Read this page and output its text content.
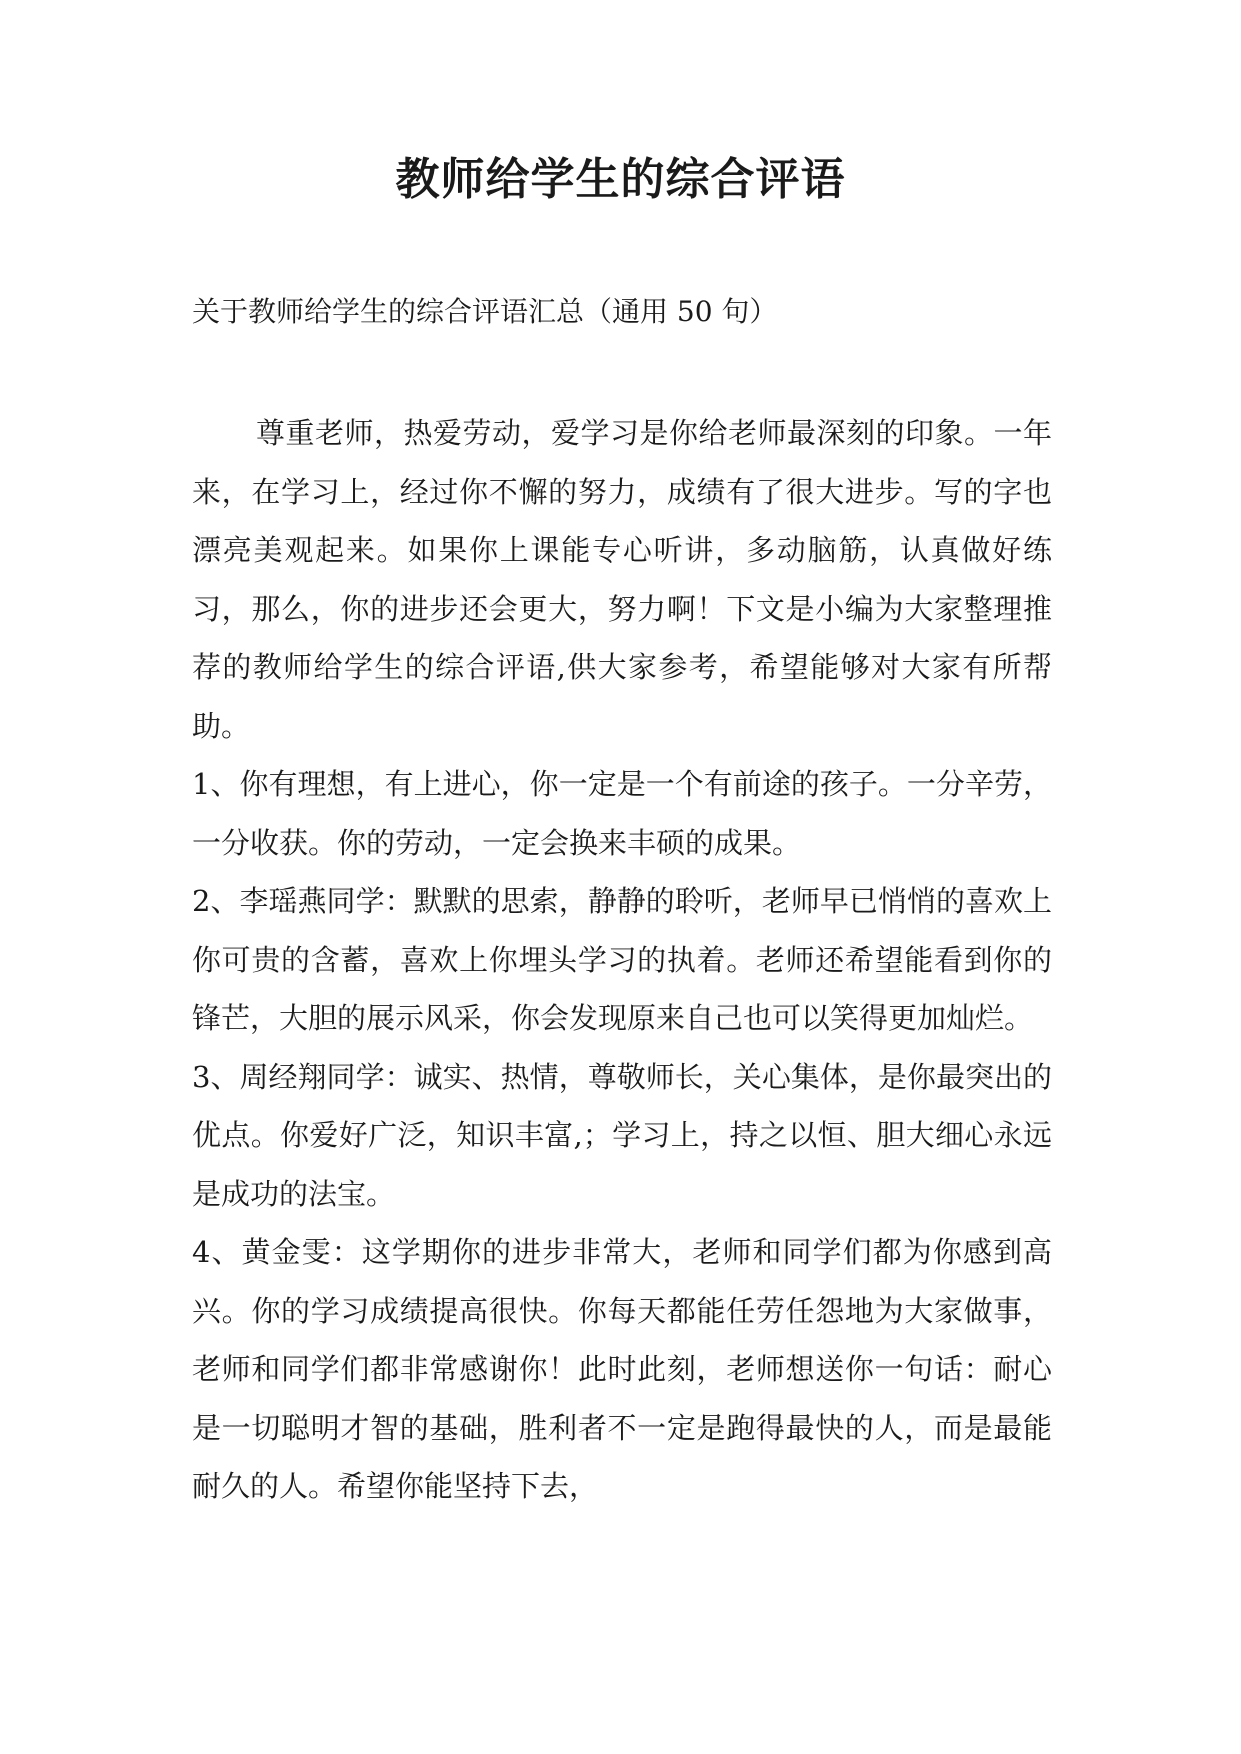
教师给学生的综合评语
关于教师给学生的综合评语汇总（通用 50 句）

尊重老师，热爱劳动，爱学习是你给老师最深刻的印象。一年来，在学习上，经过你不懈的努力，成绩有了很大进步。写的字也漂亮美观起来。如果你上课能专心听讲，多动脑筋，认真做好练习，那么，你的进步还会更大，努力啊！下文是小编为大家整理推荐的教师给学生的综合评语,供大家参考，希望能够对大家有所帮助。

1、你有理想，有上进心，你一定是一个有前途的孩子。一分辛劳，一分收获。你的劳动，一定会换来丰硕的成果。

2、李瑶燕同学：默默的思索，静静的聆听，老师早已悄悄的喜欢上你可贵的含蓄，喜欢上你埋头学习的执着。老师还希望能看到你的锋芒，大胆的展示风采，你会发现原来自己也可以笑得更加灿烂。

3、周经翔同学：诚实、热情，尊敬师长，关心集体，是你最突出的优点。你爱好广泛，知识丰富,；学习上，持之以恒、胆大细心永远是成功的法宝。

4、黄金雯：这学期你的进步非常大，老师和同学们都为你感到高兴。你的学习成绩提高很快。你每天都能任劳任怨地为大家做事，老师和同学们都非常感谢你！此时此刻，老师想送你一句话：耐心是一切聪明才智的基础，胜利者不一定是跑得最快的人，而是最能耐久的人。希望你能坚持下去，
